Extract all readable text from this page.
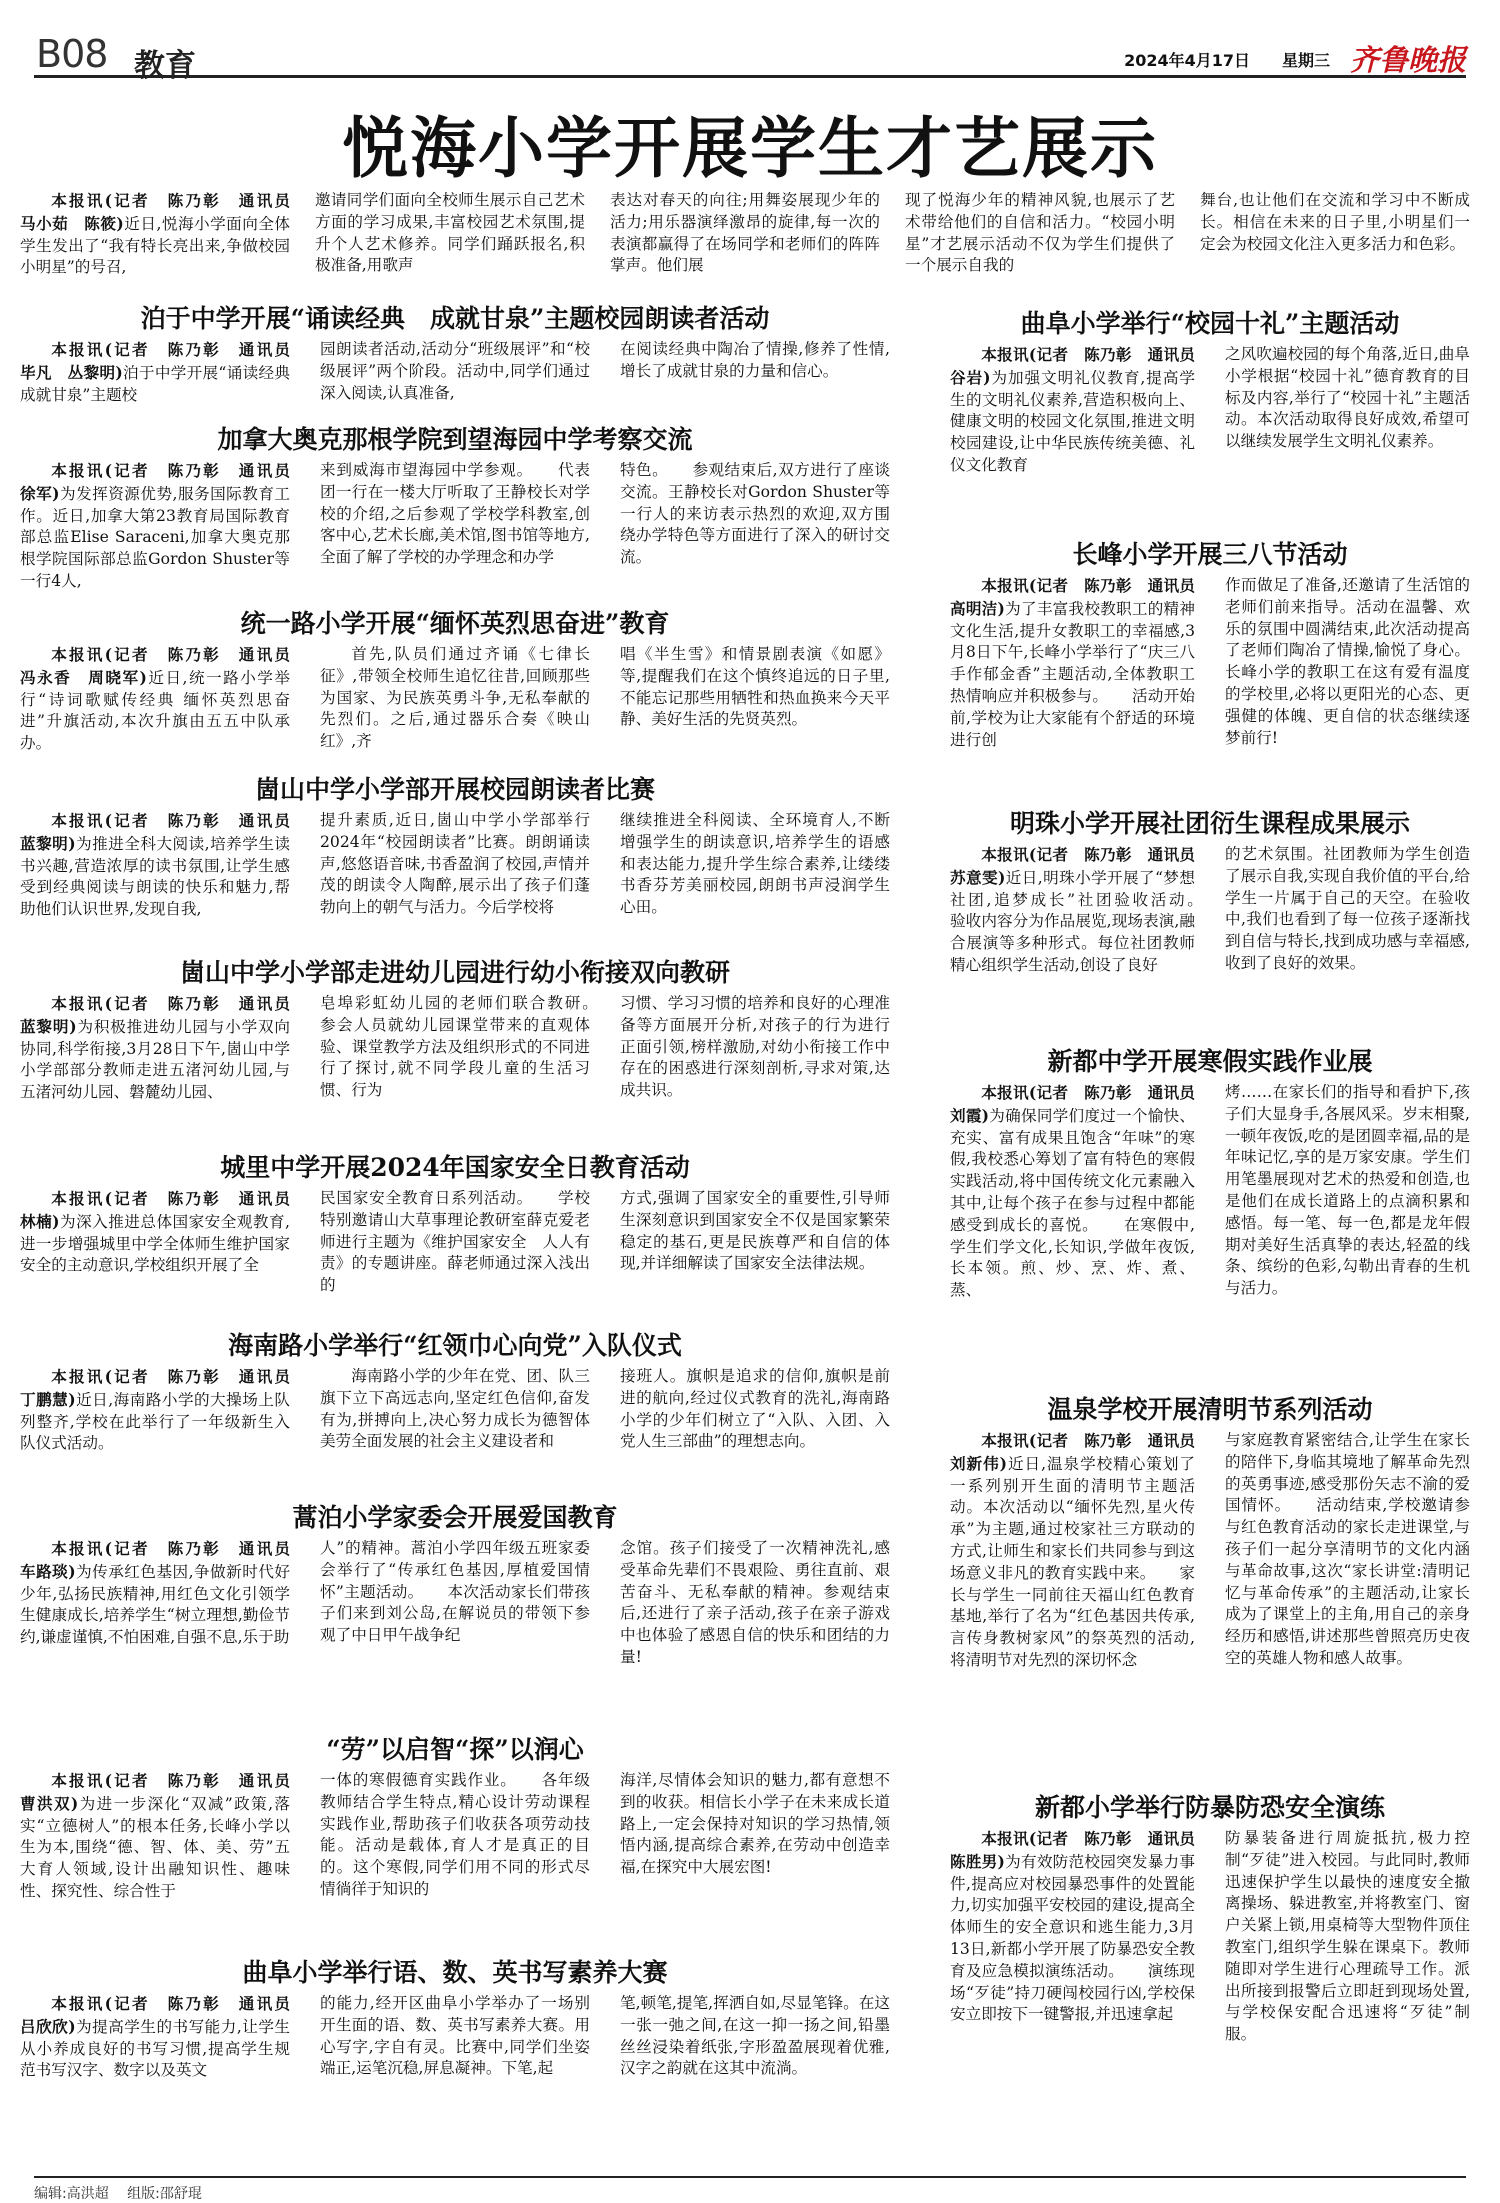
B08 教育	2024年4月17日 星期三 齐鲁晚报
悦海小学开展学生才艺展示

本报讯(记者　陈乃彰　通讯员　马小茹　陈筱)近日,悦海小学面向全体学生发出了“我有特长亮出来,争做校园小明星”的号召,

邀请同学们面向全校师生展示自己艺术方面的学习成果,丰富校园艺术氛围,提升个人艺术修养。同学们踊跃报名,积极准备,用歌声

表达对春天的向往;用舞姿展现少年的活力;用乐器演绎激昂的旋律,每一次的表演都赢得了在场同学和老师们的阵阵掌声。他们展

现了悦海少年的精神风貌,也展示了艺术带给他们的自信和活力。“校园小明星”才艺展示活动不仅为学生们提供了一个展示自我的

舞台,也让他们在交流和学习中不断成长。相信在未来的日子里,小明星们一定会为校园文化注入更多活力和色彩。

泊于中学开展“诵读经典　成就甘泉”主题校园朗读者活动

本报讯(记者　陈乃彰　通讯员　毕凡　丛黎明)泊于中学开展“诵读经典　成就甘泉”主题校

园朗读者活动,活动分“班级展评”和“校级展评”两个阶段。活动中,同学们通过深入阅读,认真准备,

在阅读经典中陶冶了情操,修养了性情,增长了成就甘泉的力量和信心。

加拿大奥克那根学院到望海园中学考察交流

本报讯(记者　陈乃彰　通讯员　徐军)为发挥资源优势,服务国际教育工作。近日,加拿大第23教育局国际教育部总监Elise Saraceni,加拿大奥克那根学院国际部总监Gordon Shuster等一行4人,

来到威海市望海园中学参观。　　代表团一行在一楼大厅听取了王静校长对学校的介绍,之后参观了学校学科教室,创客中心,艺术长廊,美术馆,图书馆等地方,全面了解了学校的办学理念和办学

特色。　　参观结束后,双方进行了座谈交流。王静校长对Gordon Shuster等一行人的来访表示热烈的欢迎,双方围绕办学特色等方面进行了深入的研讨交流。

统一路小学开展“缅怀英烈思奋进”教育

本报讯(记者　陈乃彰　通讯员　冯永香　周晓军)近日,统一路小学举行“诗词歌赋传经典 缅怀英烈思奋进”升旗活动,本次升旗由五五中队承办。

首先,队员们通过齐诵《七律长征》,带领全校师生追忆往昔,回顾那些为国家、为民族英勇斗争,无私奉献的先烈们。之后,通过器乐合奏《映山红》,齐

唱《半生雪》和情景剧表演《如愿》等,提醒我们在这个慎终追远的日子里,不能忘记那些用牺牲和热血换来今天平静、美好生活的先贤英烈。

崮山中学小学部开展校园朗读者比赛

本报讯(记者　陈乃彰　通讯员　蓝黎明)为推进全科大阅读,培养学生读书兴趣,营造浓厚的读书氛围,让学生感受到经典阅读与朗读的快乐和魅力,帮助他们认识世界,发现自我,

提升素质,近日,崮山中学小学部举行2024年“校园朗读者”比赛。朗朗诵读声,悠悠语音味,书香盈润了校园,声情并茂的朗读令人陶醉,展示出了孩子们蓬勃向上的朝气与活力。今后学校将

继续推进全科阅读、全环境育人,不断增强学生的朗读意识,培养学生的语感和表达能力,提升学生综合素养,让缕缕书香芬芳美丽校园,朗朗书声浸润学生心田。

崮山中学小学部走进幼儿园进行幼小衔接双向教研

本报讯(记者　陈乃彰　通讯员　蓝黎明)为积极推进幼儿园与小学双向协同,科学衔接,3月28日下午,崮山中学小学部部分教师走进五渚河幼儿园,与五渚河幼儿园、磐麓幼儿园、

皂埠彩虹幼儿园的老师们联合教研。　　参会人员就幼儿园课堂带来的直观体验、课堂教学方法及组织形式的不同进行了探讨,就不同学段儿童的生活习惯、行为

习惯、学习习惯的培养和良好的心理准备等方面展开分析,对孩子的行为进行正面引领,榜样激励,对幼小衔接工作中存在的困惑进行深刻剖析,寻求对策,达成共识。

城里中学开展2024年国家安全日教育活动

本报讯(记者　陈乃彰　通讯员　林楠)为深入推进总体国家安全观教育,进一步增强城里中学全体师生维护国家安全的主动意识,学校组织开展了全

民国家安全教育日系列活动。　　学校特别邀请山大草事理论教研室薛克爱老师进行主题为《维护国家安全　人人有责》的专题讲座。薛老师通过深入浅出的

方式,强调了国家安全的重要性,引导师生深刻意识到国家安全不仅是国家繁荣稳定的基石,更是民族尊严和自信的体现,并详细解读了国家安全法律法规。

海南路小学举行“红领巾心向党”入队仪式

本报讯(记者　陈乃彰　通讯员　丁鹏慧)近日,海南路小学的大操场上队列整齐,学校在此举行了一年级新生入队仪式活动。

海南路小学的少年在党、团、队三旗下立下高远志向,坚定红色信仰,奋发有为,拼搏向上,决心努力成长为德智体美劳全面发展的社会主义建设者和

接班人。旗帜是追求的信仰,旗帜是前进的航向,经过仪式教育的洗礼,海南路小学的少年们树立了“入队、入团、入党人生三部曲”的理想志向。

蒿泊小学家委会开展爱国教育

本报讯(记者　陈乃彰　通讯员　车路琰)为传承红色基因,争做新时代好少年,弘扬民族精神,用红色文化引领学生健康成长,培养学生“树立理想,勤俭节约,谦虚谨慎,不怕困难,自强不息,乐于助

人”的精神。蒿泊小学四年级五班家委会举行了“传承红色基因,厚植爱国情怀”主题活动。　　本次活动家长们带孩子们来到刘公岛,在解说员的带领下参观了中日甲午战争纪

念馆。孩子们接受了一次精神洗礼,感受革命先辈们不畏艰险、勇往直前、艰苦奋斗、无私奉献的精神。参观结束后,还进行了亲子活动,孩子在亲子游戏中也体验了感恩自信的快乐和团结的力量!

“劳”以启智“探”以润心

本报讯(记者　陈乃彰　通讯员　曹洪双)为进一步深化“双减”政策,落实“立德树人”的根本任务,长峰小学以生为本,围绕“德、智、体、美、劳”五大育人领域,设计出融知识性、趣味性、探究性、综合性于

一体的寒假德育实践作业。　　各年级教师结合学生特点,精心设计劳动课程实践作业,帮助孩子们收获各项劳动技能。活动是载体,育人才是真正的目的。这个寒假,同学们用不同的形式尽情徜徉于知识的

海洋,尽情体会知识的魅力,都有意想不到的收获。相信长小学子在未来成长道路上,一定会保持对知识的学习热情,领悟内涵,提高综合素养,在劳动中创造幸福,在探究中大展宏图!

曲阜小学举行语、数、英书写素养大赛

本报讯(记者　陈乃彰　通讯员　吕欣欣)为提高学生的书写能力,让学生从小养成良好的书写习惯,提高学生规范书写汉字、数字以及英文

的能力,经开区曲阜小学举办了一场别开生面的语、数、英书写素养大赛。用心写字,字自有灵。比赛中,同学们坐姿端正,运笔沉稳,屏息凝神。下笔,起

笔,顿笔,提笔,挥洒自如,尽显笔锋。在这一张一弛之间,在这一抑一扬之间,铅墨丝丝浸染着纸张,字形盈盈展现着优雅,汉字之韵就在这其中流淌。

曲阜小学举行“校园十礼”主题活动

本报讯(记者　陈乃彰　通讯员　谷岩)为加强文明礼仪教育,提高学生的文明礼仪素养,营造积极向上、健康文明的校园文化氛围,推进文明校园建设,让中华民族传统美德、礼仪文化教育

之风吹遍校园的每个角落,近日,曲阜小学根据“校园十礼”德育教育的目标及内容,举行了“校园十礼”主题活动。本次活动取得良好成效,希望可以继续发展学生文明礼仪素养。

长峰小学开展三八节活动

本报讯(记者　陈乃彰　通讯员　高明洁)为了丰富我校教职工的精神文化生活,提升女教职工的幸福感,3月8日下午,长峰小学举行了“庆三八手作郁金香”主题活动,全体教职工热情响应并积极参与。　　活动开始前,学校为让大家能有个舒适的环境进行创

作而做足了准备,还邀请了生活馆的老师们前来指导。活动在温馨、欢乐的氛围中圆满结束,此次活动提高了老师们陶冶了情操,愉悦了身心。长峰小学的教职工在这有爱有温度的学校里,必将以更阳光的心态、更强健的体魄、更自信的状态继续逐梦前行!

明珠小学开展社团衍生课程成果展示

本报讯(记者　陈乃彰　通讯员　苏意雯)近日,明珠小学开展了“梦想社团,追梦成长”社团验收活动。　　验收内容分为作品展览,现场表演,融合展演等多种形式。每位社团教师精心组织学生活动,创设了良好

的艺术氛围。社团教师为学生创造了展示自我,实现自我价值的平台,给学生一片属于自己的天空。在验收中,我们也看到了每一位孩子逐渐找到自信与特长,找到成功感与幸福感,收到了良好的效果。

新都中学开展寒假实践作业展

本报讯(记者　陈乃彰　通讯员　刘霞)为确保同学们度过一个愉快、充实、富有成果且饱含“年味”的寒假,我校悉心筹划了富有特色的寒假实践活动,将中国传统文化元素融入其中,让每个孩子在参与过程中都能感受到成长的喜悦。　　在寒假中,学生们学文化,长知识,学做年夜饭,长本领。煎、炒、烹、炸、煮、蒸、

烤……在家长们的指导和看护下,孩子们大显身手,各展风采。岁末相聚,一顿年夜饭,吃的是团圆幸福,品的是年味记忆,享的是万家安康。学生们用笔墨展现对艺术的热爱和创造,也是他们在成长道路上的点滴积累和感悟。每一笔、每一色,都是龙年假期对美好生活真挚的表达,轻盈的线条、缤纷的色彩,勾勒出青春的生机与活力。

温泉学校开展清明节系列活动

本报讯(记者　陈乃彰　通讯员　刘新伟)近日,温泉学校精心策划了一系列别开生面的清明节主题活动。本次活动以“缅怀先烈,星火传承”为主题,通过校家社三方联动的方式,让师生和家长们共同参与到这场意义非凡的教育实践中来。　　家长与学生一同前往天福山红色教育基地,举行了名为“红色基因共传承,言传身教树家风”的祭英烈的活动,将清明节对先烈的深切怀念

与家庭教育紧密结合,让学生在家长的陪伴下,身临其境地了解革命先烈的英勇事迹,感受那份矢志不渝的爱国情怀。　　活动结束,学校邀请参与红色教育活动的家长走进课堂,与孩子们一起分享清明节的文化内涵与革命故事,这次“家长讲堂:清明记忆与革命传承”的主题活动,让家长成为了课堂上的主角,用自己的亲身经历和感悟,讲述那些曾照亮历史夜空的英雄人物和感人故事。

新都小学举行防暴防恐安全演练

本报讯(记者　陈乃彰　通讯员　陈胜男)为有效防范校园突发暴力事件,提高应对校园暴恐事件的处置能力,切实加强平安校园的建设,提高全体师生的安全意识和逃生能力,3月13日,新都小学开展了防暴恐安全教育及应急模拟演练活动。　　演练现场“歹徒”持刀硬闯校园行凶,学校保安立即按下一键警报,并迅速拿起

防暴装备进行周旋抵抗,极力控制“歹徒”进入校园。与此同时,教师迅速保护学生以最快的速度安全撤离操场、躲进教室,并将教室门、窗户关紧上锁,用桌椅等大型物件顶住教室门,组织学生躲在课桌下。教师随即对学生进行心理疏导工作。派出所接到报警后立即赶到现场处置,与学校保安配合迅速将“歹徒”制服。

编辑:高洪超 组版:邵舒琨
